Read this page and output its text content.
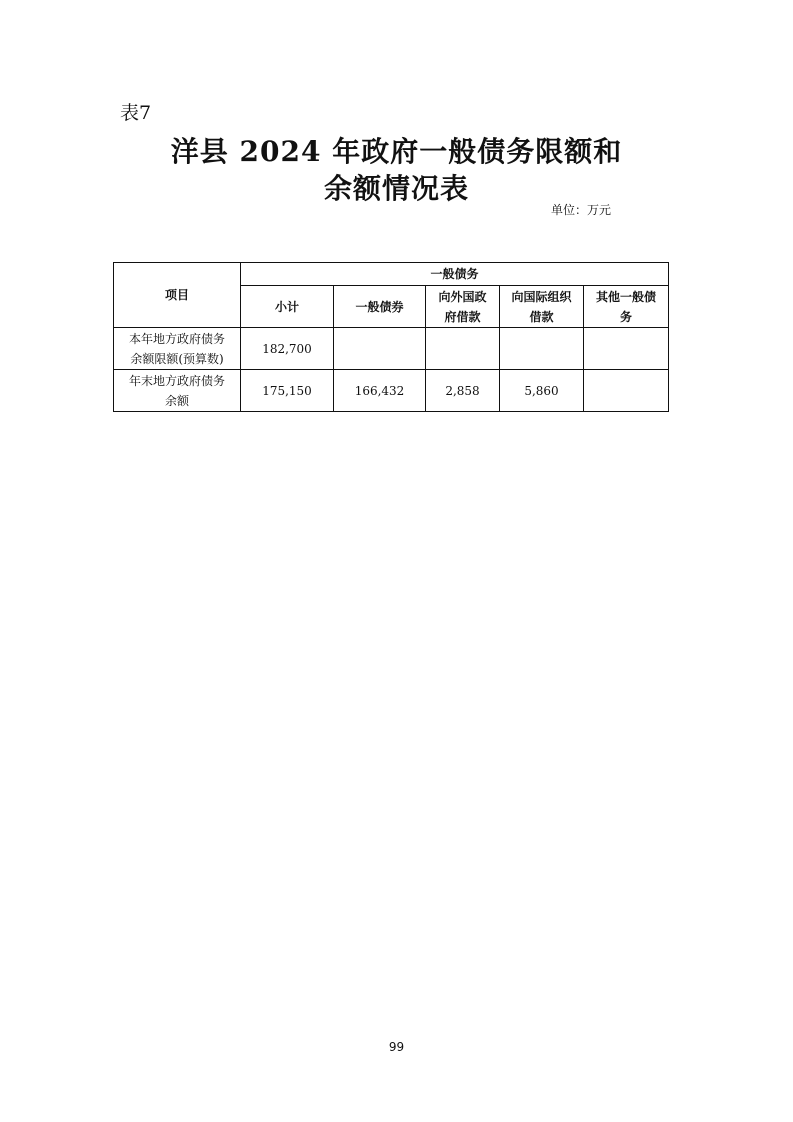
表7
洋县 2024 年政府一般债务限额和
余额情况表
单位：万元
项目	一般债务				
	小计	一般债券	向外国政府借款	向国际组织借款	其他一般债务
本年地方政府债务余额限额(预算数)	182,700				
年末地方政府债务余额	175,150	166,432	2,858	5,860	
99
